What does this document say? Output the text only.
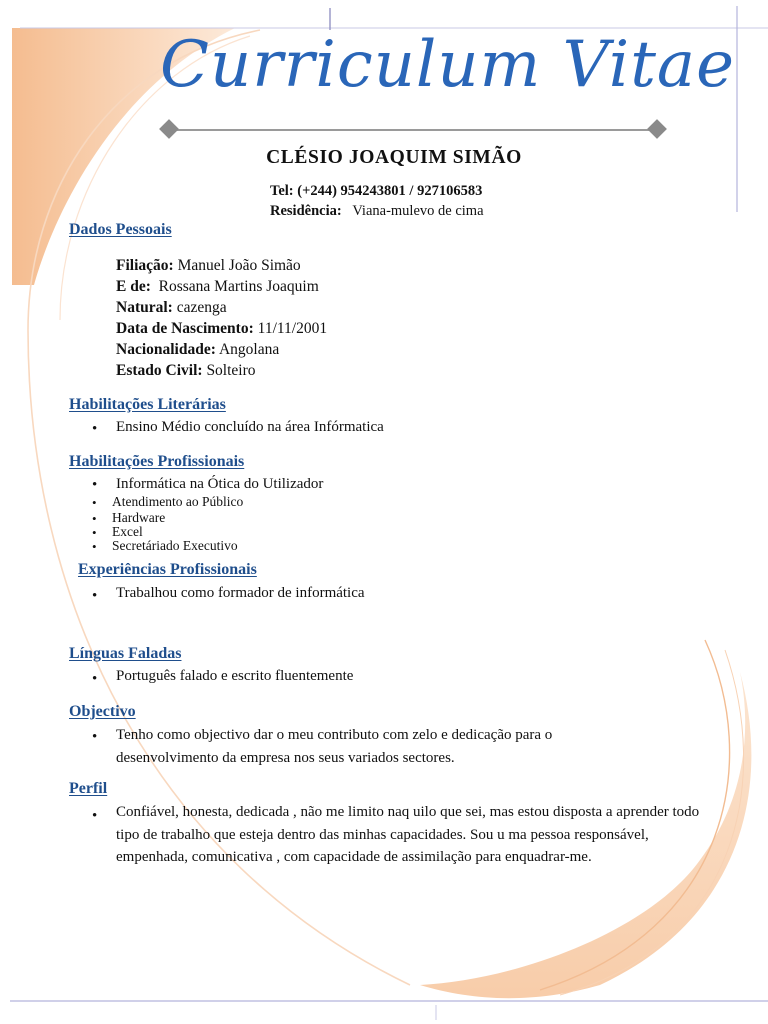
Curriculum Vitae
CLÉSIO JOAQUIM SIMÃO
Tel: (+244) 954243801 / 927106583
Residência: Viana-mulevo de cima
Dados Pessoais
Filiação: Manuel João Simão
E de: Rossana Martins Joaquim
Natural: cazenga
Data de Nascimento: 11/11/2001
Nacionalidade: Angolana
Estado Civil: Solteiro
Habilitações Literárias
• Ensino Médio concluído na área Infórmatica
Habilitações Profissionais
• Informática na Ótica do Utilizador
• Atendimento ao Público
• Hardware
• Excel
• Secretáriado Executivo
Experiências Profissionais
• Trabalhou como formador de informática
Línguas Faladas
• Português falado e escrito fluentemente
Objectivo
• Tenho como objectivo dar o meu contributo com zelo e dedicação para o desenvolvimento da empresa nos seus variados sectores.
Perfil
• Confiável, honesta, dedicada , não me limito naq uilo que sei, mas estou disposta a aprender todo tipo de trabalho que esteja dentro das minhas capacidades. Sou u ma pessoa responsável, empenhada, comunicativa , com capacidade de assimilação para enquadrar-me.
